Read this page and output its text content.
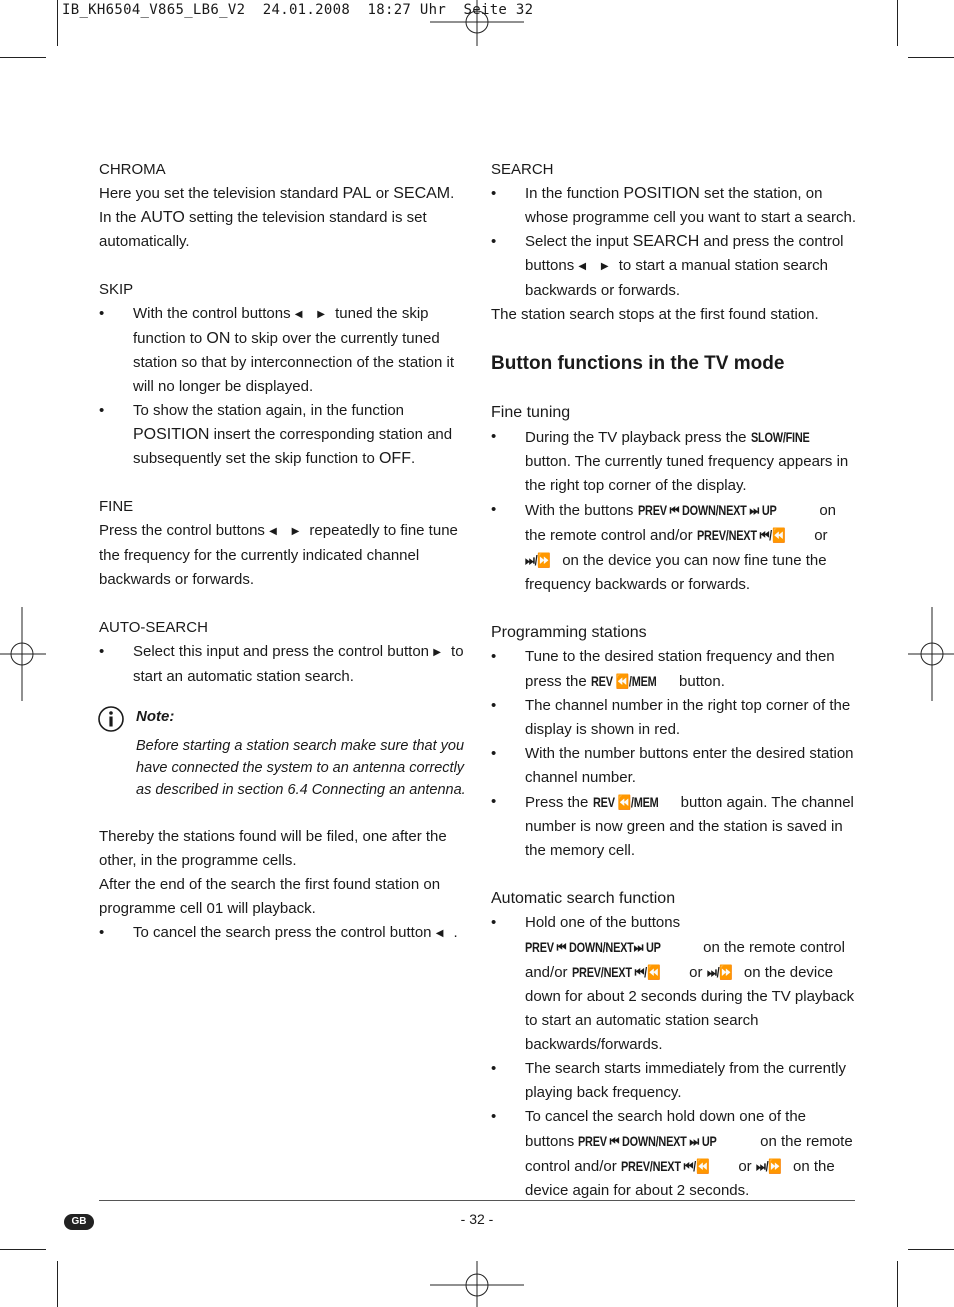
IB_KH6504_V865_LB6_V2  24.01.2008  18:27 Uhr  Seite 32

CHROMA

Here you set the television standard PAL or SECAM. In the AUTO setting the television standard is set automatically.

SKIP

• With the control buttons ◀ ▶ tuned the skip function to ON to skip over the currently tuned station so that by interconnection of the station it will no longer be displayed.
• To show the station again, in the function POSITION insert the corresponding station and subsequently set the skip function to OFF.

FINE

Press the control buttons ◀ ▶ repeatedly to fine tune the frequency for the currently indicated channel backwards or forwards.

AUTO-SEARCH

• Select this input and press the control button ▶ to start an automatic station search.

Note:

Before starting a station search make sure that you have connected the system to an antenna correctly as described in section 6.4 Connecting an antenna.

Thereby the stations found will be filed, one after the other, in the programme cells.

After the end of the search the first found station on programme cell 01 will playback.

• To cancel the search press the control button ◀ .

SEARCH

• In the function POSITION set the station, on whose programme cell you want to start a search.
• Select the input SEARCH and press the control buttons ◀ ▶ to start a manual station search backwards or forwards.

The station search stops at the first found station.

Button functions in the TV mode

Fine tuning

• During the TV playback press the SLOW/FINE button. The currently tuned frequency appears in the right top corner of the display.
• With the buttons PREV ⏮ DOWN/NEXT ⏭ UP	on the remote control and/or PREV/NEXT ⏮/⏪ or ⏭/⏩ on the device you can now fine tune the frequency backwards or forwards.

Programming stations

• Tune to the desired station frequency and then press the REV ⏪/MEM button.
• The channel number in the right top corner of the display is shown in red.
• With the number buttons enter the desired station channel number.
• Press the REV ⏪/MEM button again. The channel number is now green and the station is saved in the memory cell.

Automatic search function

• Hold one of the buttons PREV ⏮ DOWN/NEXT⏭ UP	on the remote control and/or PREV/NEXT ⏮/⏪ or ⏭/⏩ on the device down for about 2 seconds during the TV playback to start an automatic station search backwards/forwards.
• The search starts immediately from the currently playing back frequency.
• To cancel the search hold down one of the buttons PREV ⏮ DOWN/NEXT ⏭ UP	on the remote control and/or PREV/NEXT ⏮/⏪ or ⏭/⏩ on the device again for about 2 seconds.
GB	- 32 -
